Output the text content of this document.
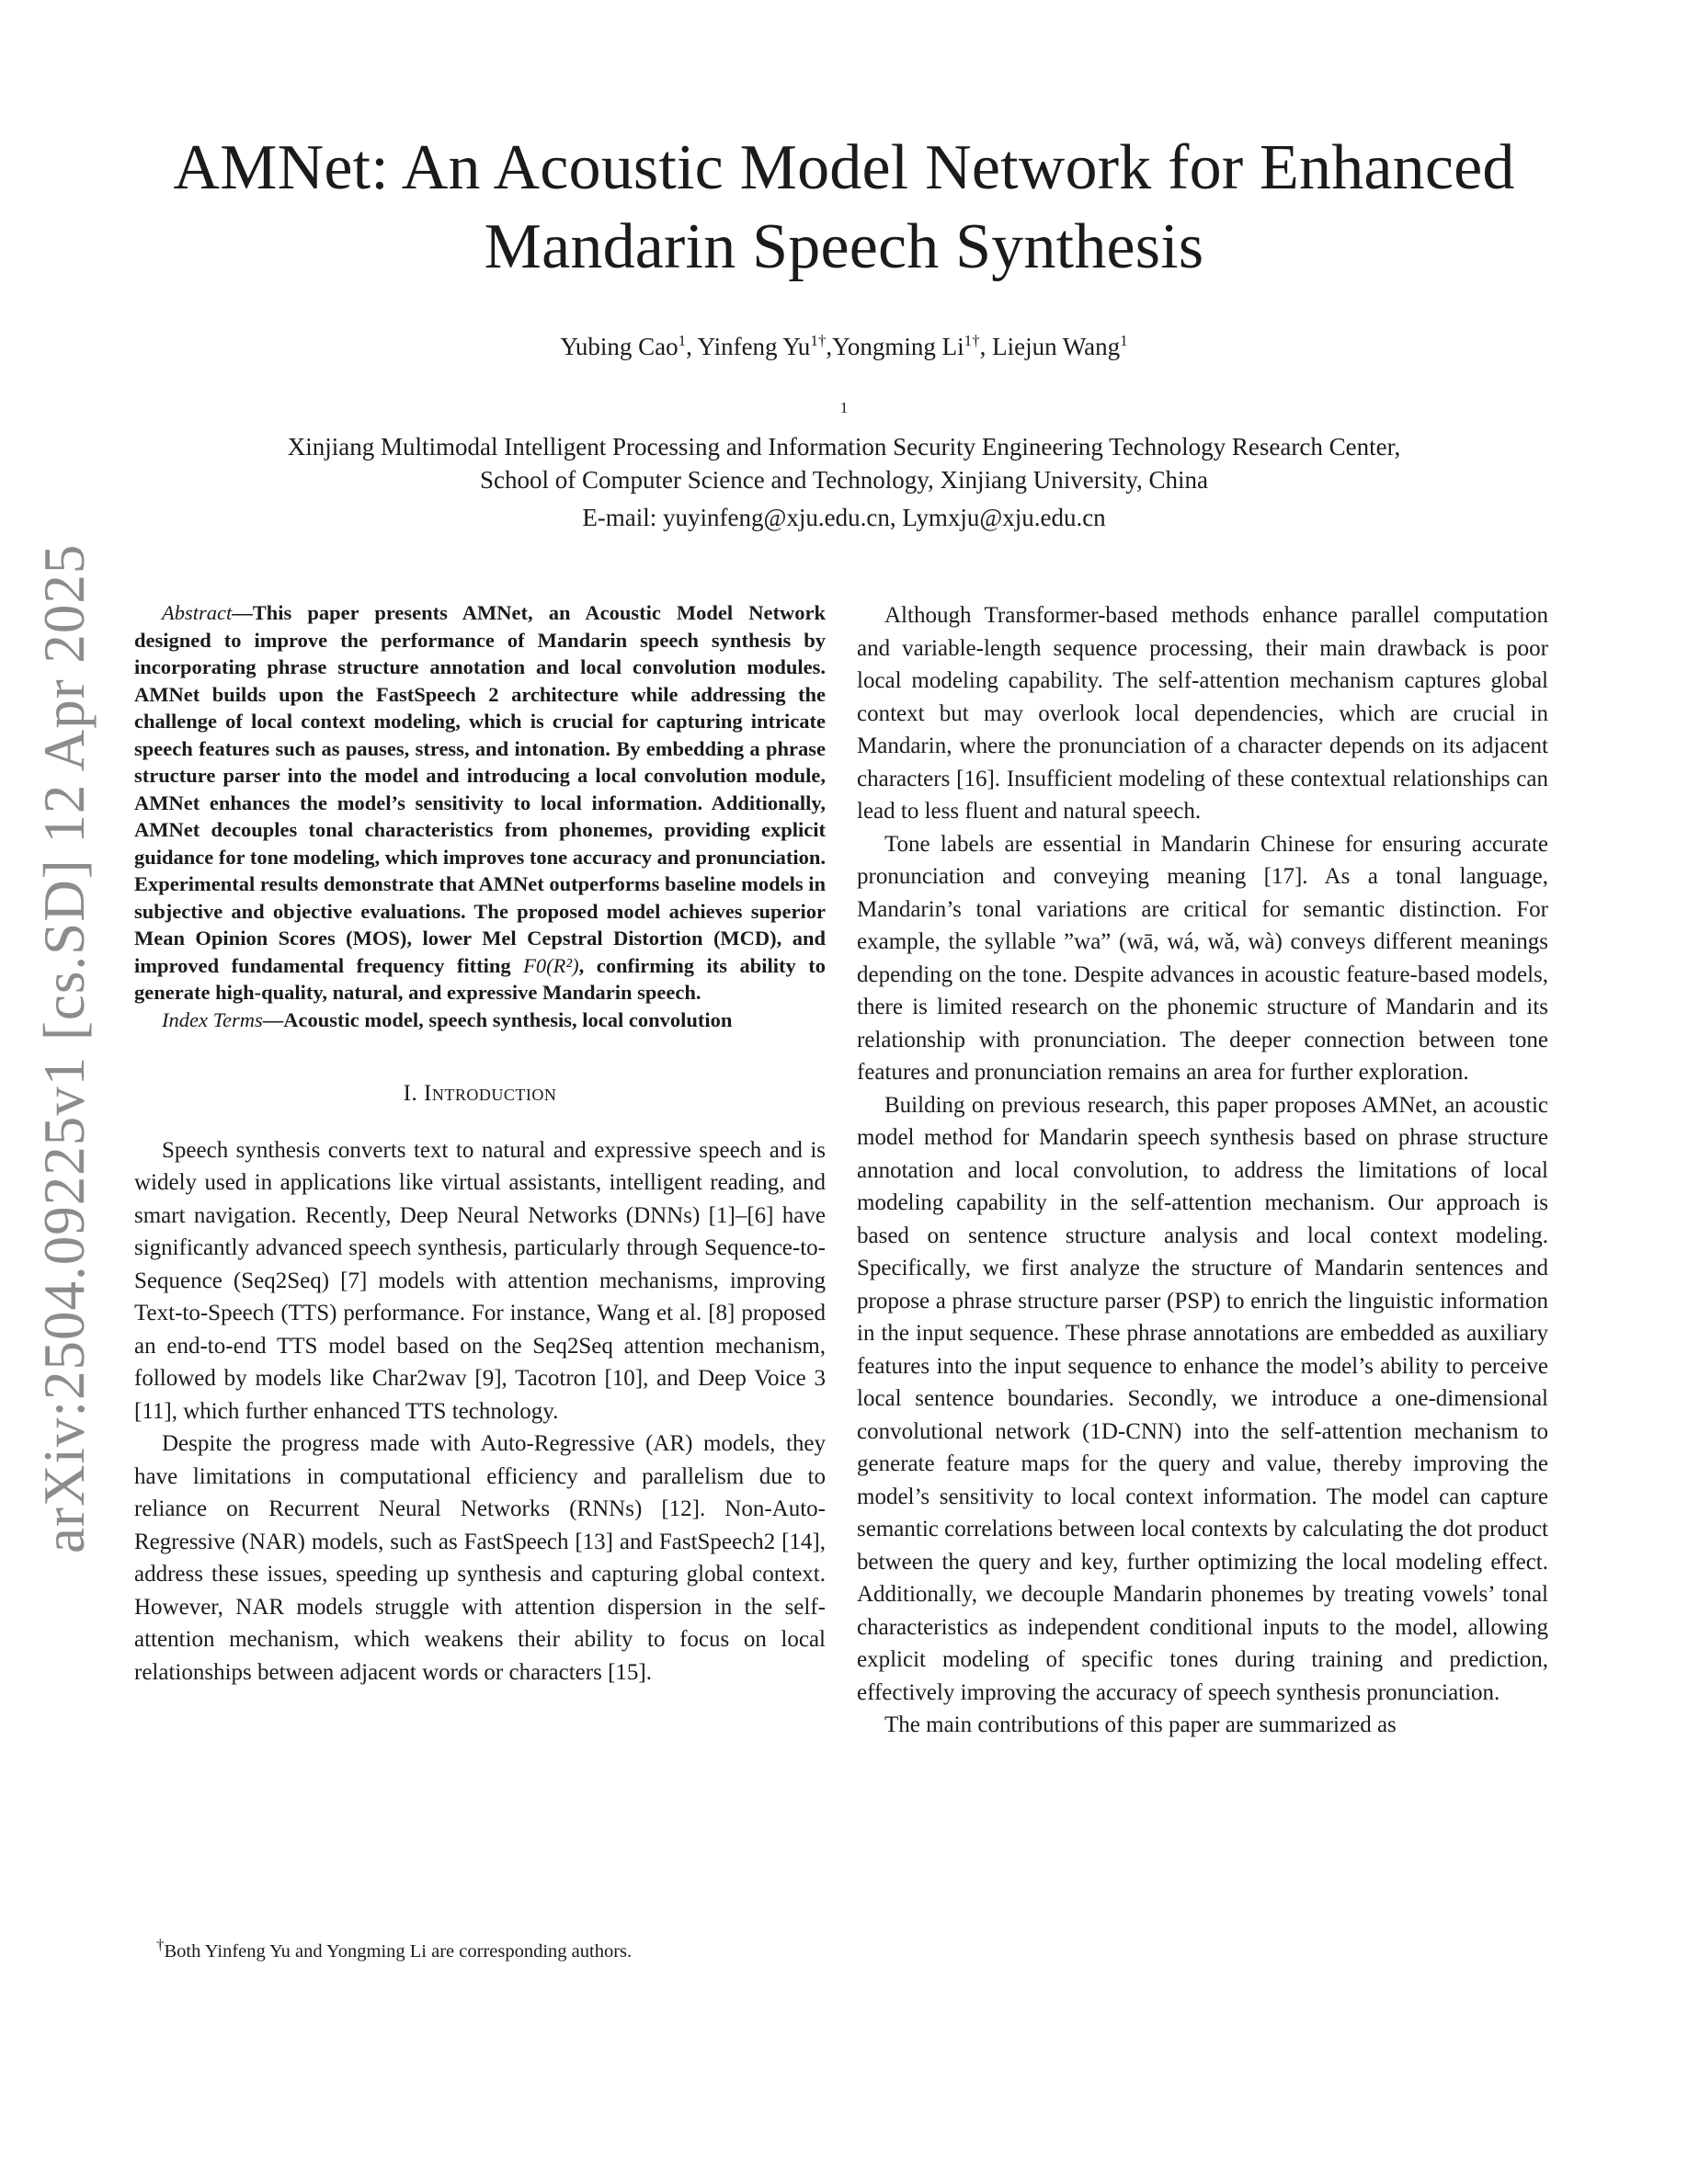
AMNet: An Acoustic Model Network for Enhanced
Mandarin Speech Synthesis
Yubing Cao$^1$, Yinfeng $Yu^{1\dagger},Yongming$ $Li^{1\dagger}$, Liejun Wang$^1$
$^1$
Xinjiang Multimodal Intelligent Processing and Information Security Engineering Technology Research Center,
School of Computer Science and Technology, Xinjiang University, China
E-mail: yuyinfeng@xju.edu.cn, Lymxju@xju.edu.cn
arXiv:2504.09225v1 [cs.SD] 12 Apr 2025	Abstract—This paper presents AMNet, an Acoustic Model Network designed to improve the performance of Mandarin speech synthesis by incorporating phrase structure annotation and local convolution modules. AMNet builds upon the FastSpeech 2 architecture while addressing the challenge of local context modeling, which is crucial for capturing intricate speech features such as pauses, stress, and intonation. By embedding a phrase structure parser into the model and introducing a local convolution module, AMNet enhances the model’s sensitivity to local information. Additionally, AMNet decouples tonal characteristics from phonemes, providing explicit guidance for tone modeling, which improves tone accuracy and pronunciation. Experimental results demonstrate that AMNet outperforms baseline models in subjective and objective evaluations. The proposed model achieves superior Mean Opinion Scores (MOS), lower Mel Cepstral Distortion (MCD), and improved fundamental frequency fitting F0(R²), confirming its ability to generate high-quality, natural, and expressive Mandarin speech.

Index Terms—Acoustic model, speech synthesis, local convolution

I. Introduction

Speech synthesis converts text to natural and expressive speech and is widely used in applications like virtual assistants, intelligent reading, and smart navigation. Recently, Deep Neural Networks (DNNs) [1]–[6] have significantly advanced speech synthesis, particularly through Sequence-to-Sequence (Seq2Seq) [7] models with attention mechanisms, improving Text-to-Speech (TTS) performance. For instance, Wang et al. [8] proposed an end-to-end TTS model based on the Seq2Seq attention mechanism, followed by models like Char2wav [9], Tacotron [10], and Deep Voice 3 [11], which further enhanced TTS technology.

Despite the progress made with Auto-Regressive (AR) models, they have limitations in computational efficiency and parallelism due to reliance on Recurrent Neural Networks (RNNs) [12]. Non-Auto-Regressive (NAR) models, such as FastSpeech [13] and FastSpeech2 [14], address these issues, speeding up synthesis and capturing global context. However, NAR models struggle with attention dispersion in the self-attention mechanism, which weakens their ability to focus on local relationships between adjacent words or characters [15].

†Both Yinfeng Yu and Yongming Li are corresponding authors.

Although Transformer-based methods enhance parallel computation and variable-length sequence processing, their main drawback is poor local modeling capability. The self-attention mechanism captures global context but may overlook local dependencies, which are crucial in Mandarin, where the pronunciation of a character depends on its adjacent characters [16]. Insufficient modeling of these contextual relationships can lead to less fluent and natural speech.

Tone labels are essential in Mandarin Chinese for ensuring accurate pronunciation and conveying meaning [17]. As a tonal language, Mandarin’s tonal variations are critical for semantic distinction. For example, the syllable ”wa” (wā, wá, wǎ, wà) conveys different meanings depending on the tone. Despite advances in acoustic feature-based models, there is limited research on the phonemic structure of Mandarin and its relationship with pronunciation. The deeper connection between tone features and pronunciation remains an area for further exploration.

Building on previous research, this paper proposes AMNet, an acoustic model method for Mandarin speech synthesis based on phrase structure annotation and local convolution, to address the limitations of local modeling capability in the self-attention mechanism. Our approach is based on sentence structure analysis and local context modeling. Specifically, we first analyze the structure of Mandarin sentences and propose a phrase structure parser (PSP) to enrich the linguistic information in the input sequence. These phrase annotations are embedded as auxiliary features into the input sequence to enhance the model’s ability to perceive local sentence boundaries. Secondly, we introduce a one-dimensional convolutional network (1D-CNN) into the self-attention mechanism to generate feature maps for the query and value, thereby improving the model’s sensitivity to local context information. The model can capture semantic correlations between local contexts by calculating the dot product between the query and key, further optimizing the local modeling effect. Additionally, we decouple Mandarin phonemes by treating vowels’ tonal characteristics as independent conditional inputs to the model, allowing explicit modeling of specific tones during training and prediction, effectively improving the accuracy of speech synthesis pronunciation.

The main contributions of this paper are summarized as
